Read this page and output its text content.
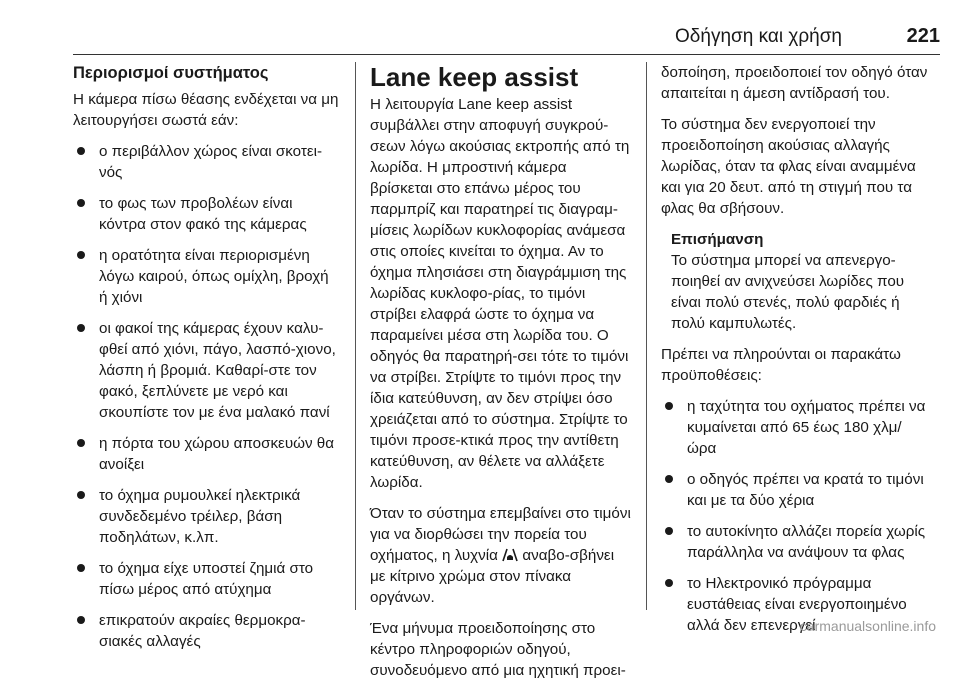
Οδήγηση και χρήση	221
Περιορισμοί συστήματος

Η κάμερα πίσω θέασης ενδέχεται να μη λειτουργήσει σωστά εάν:

ο περιβάλλον χώρος είναι σκοτει-νός
το φως των προβολέων είναι κόντρα στον φακό της κάμερας
η ορατότητα είναι περιορισμένη λόγω καιρού, όπως ομίχλη, βροχή ή χιόνι
οι φακοί της κάμερας έχουν καλυ-φθεί από χιόνι, πάγο, λασπό-χιονο, λάσπη ή βρομιά. Καθαρί-στε τον φακό, ξεπλύνετε με νερό και σκουπίστε τον με ένα μαλακό πανί
η πόρτα του χώρου αποσκευών θα ανοίξει
το όχημα ρυμουλκεί ηλεκτρικά συνδεδεμένο τρέιλερ, βάση ποδηλάτων, κ.λπ.
το όχημα είχε υποστεί ζημιά στο πίσω μέρος από ατύχημα
επικρατούν ακραίες θερμοκρα-σιακές αλλαγές
Lane keep assist

Η λειτουργία Lane keep assist συμβάλλει στην αποφυγή συγκρού-σεων λόγω ακούσιας εκτροπής από τη λωρίδα. Η μπροστινή κάμερα βρίσκεται στο επάνω μέρος του παρμπρίζ και παρατηρεί τις διαγραμ-μίσεις λωρίδων κυκλοφορίας ανάμεσα στις οποίες κινείται το όχημα. Αν το όχημα πλησιάσει στη διαγράμμιση της λωρίδας κυκλοφο-ρίας, το τιμόνι στρίβει ελαφρά ώστε το όχημα να παραμείνει μέσα στη λωρίδα του. Ο οδηγός θα παρατηρή-σει τότε το τιμόνι να στρίβει. Στρίψτε το τιμόνι προς την ίδια κατεύθυνση, αν δεν στρίψει όσο χρειάζεται από το σύστημα. Στρίψτε το τιμόνι προσε-κτικά προς την αντίθετη κατεύθυνση, αν θέλετε να αλλάξετε λωρίδα.

Όταν το σύστημα επεμβαίνει στο τιμόνι για να διορθώσει την πορεία του οχήματος, η λυχνία αναβο-σβήνει με κίτρινο χρώμα στον πίνακα οργάνων.

Ένα μήνυμα προειδοποίησης στο κέντρο πληροφοριών οδηγού, συνοδευόμενο από μια ηχητική προει-

δοποίηση, προειδοποιεί τον οδηγό όταν απαιτείται η άμεση αντίδρασή του.

Το σύστημα δεν ενεργοποιεί την προειδοποίηση ακούσιας αλλαγής λωρίδας, όταν τα φλας είναι αναμμένα και για 20 δευτ. από τη στιγμή που τα φλας θα σβήσουν.

Επισήμανση
Το σύστημα μπορεί να απενεργο-ποιηθεί αν ανιχνεύσει λωρίδες που είναι πολύ στενές, πολύ φαρδιές ή πολύ καμπυλωτές.

Πρέπει να πληρούνται οι παρακάτω προϋποθέσεις:

η ταχύτητα του οχήματος πρέπει να κυμαίνεται από 65 έως 180 χλμ/ώρα
ο οδηγός πρέπει να κρατά το τιμόνι και με τα δύο χέρια
το αυτοκίνητο αλλάζει πορεία χωρίς παράλληλα να ανάψουν τα φλας
το Ηλεκτρονικό πρόγραμμα ευστάθειας είναι ενεργοποιημένο αλλά δεν επενεργεί
carmanualsonline.info
